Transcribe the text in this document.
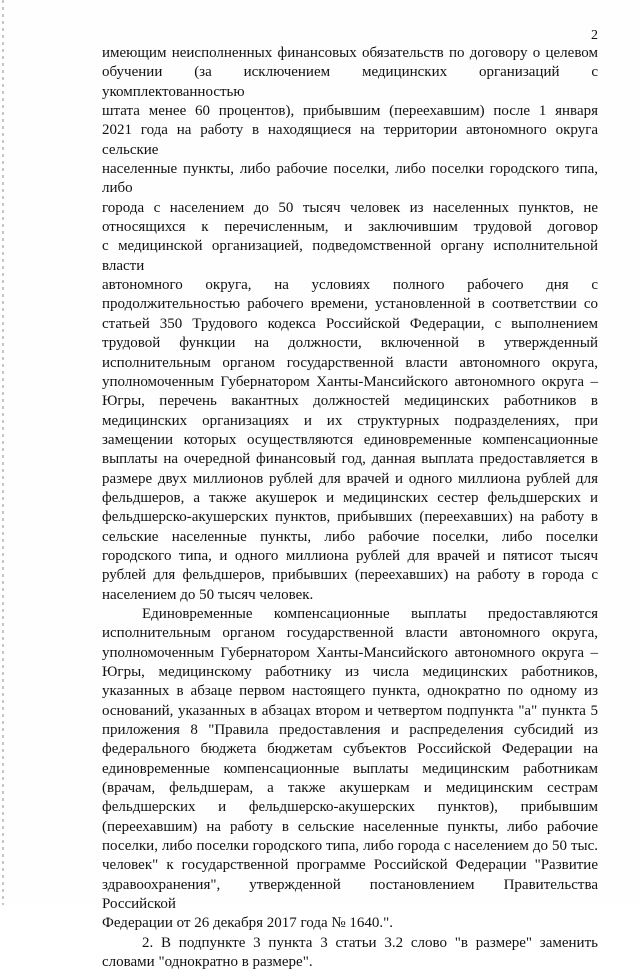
2

имеющим неисполненных финансовых обязательств по договору о целевом

обучении (за исключением медицинских организаций с укомплектованностью

штата менее 60 процентов), прибывшим (переехавшим) после 1 января

2021 года на работу в находящиеся на территории автономного округа сельские

населенные пункты, либо рабочие поселки, либо поселки городского типа, либо

города с населением до 50 тысяч человек из населенных пунктов, не

относящихся к перечисленным, и заключившим трудовой договор

с медицинской организацией, подведомственной органу исполнительной власти

автономного округа, на условиях полного рабочего дня с

продолжительностью рабочего времени, установленной в соответствии со

статьей 350 Трудового кодекса Российской Федерации, с выполнением

трудовой функции на должности, включенной в утвержденный

исполнительным органом государственной власти автономного округа,

уполномоченным Губернатором Ханты-Мансийского автономного округа –

Югры, перечень вакантных должностей медицинских работников в

медицинских организациях и их структурных подразделениях, при

замещении которых осуществляются единовременные компенсационные

выплаты на очередной финансовый год, данная выплата предоставляется в

размере двух миллионов рублей для врачей и одного миллиона рублей для

фельдшеров, а также акушерок и медицинских сестер фельдшерских и

фельдшерско-акушерских пунктов, прибывших (переехавших) на работу в

сельские населенные пункты, либо рабочие поселки, либо поселки

городского типа, и одного миллиона рублей для врачей и пятисот тысяч

рублей для фельдшеров, прибывших (переехавших) на работу в города с

населением до 50 тысяч человек.

Единовременные компенсационные выплаты предоставляются

исполнительным органом государственной власти автономного округа,

уполномоченным Губернатором Ханты-Мансийского автономного округа –

Югры, медицинскому работнику из числа медицинских работников,

указанных в абзаце первом настоящего пункта, однократно по одному из

оснований, указанных в абзацах втором и четвертом подпункта "а" пункта 5

приложения 8 "Правила предоставления и распределения субсидий из

федерального бюджета бюджетам субъектов Российской Федерации на

единовременные компенсационные выплаты медицинским работникам

(врачам, фельдшерам, а также акушеркам и медицинским сестрам

фельдшерских и фельдшерско-акушерских пунктов), прибывшим

(переехавшим) на работу в сельские населенные пункты, либо рабочие

поселки, либо поселки городского типа, либо города с населением до 50 тыс.

человек" к государственной программе Российской Федерации "Развитие

здравоохранения", утвержденной постановлением Правительства Российской

Федерации от 26 декабря 2017 года № 1640.".

2. В подпункте 3 пункта 3 статьи 3.2 слово "в размере" заменить

словами "однократно в размере".
